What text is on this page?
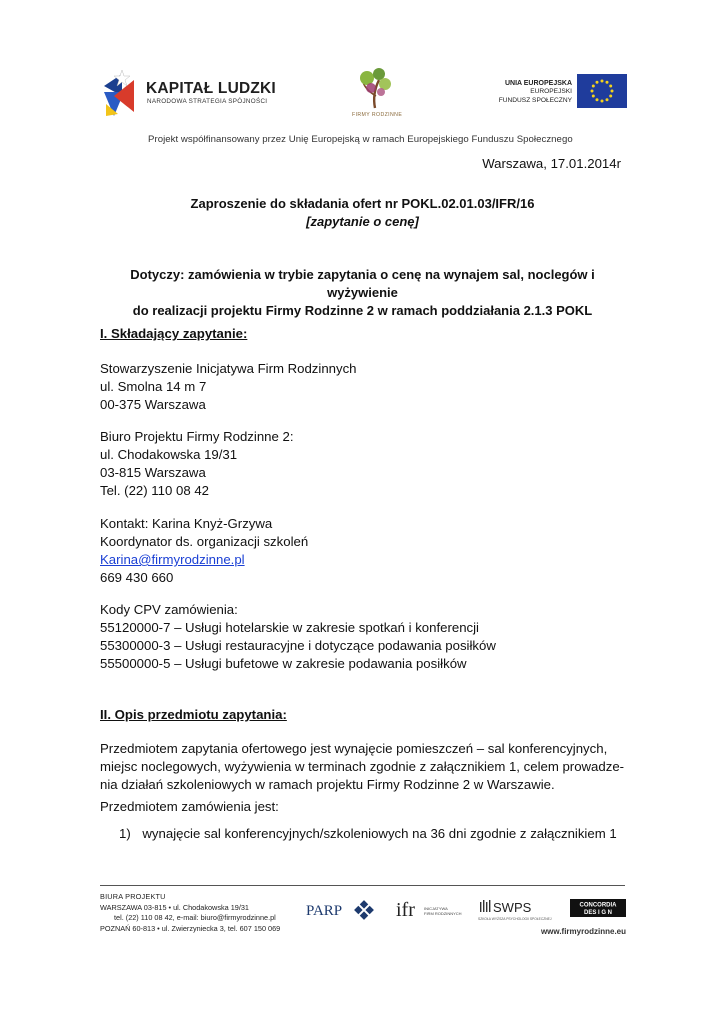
KAPITAŁ LUDZKI
NARODOWA STRATEGIA SPÓJNOŚCI
FIRMY RODZINNE
UNIA EUROPEJSKA
EUROPEJSKI
FUNDUSZ SPOŁECZNY
Projekt współfinansowany przez Unię Europejską w ramach Europejskiego Funduszu Społecznego
Warszawa, 17.01.2014r
Zaproszenie do składania ofert nr POKL.02.01.03/IFR/16
[zapytanie o cenę]
Dotyczy: zamówienia w trybie zapytania o cenę na wynajem sal, noclegów i wyżywienie
do realizacji projektu Firmy Rodzinne 2 w ramach poddziałania 2.1.3 POKL
I. Składający zapytanie:
Stowarzyszenie Inicjatywa Firm Rodzinnych
ul. Smolna 14 m 7
00-375 Warszawa
Biuro Projektu Firmy Rodzinne 2:
ul. Chodakowska 19/31
03-815 Warszawa
Tel. (22) 110 08 42
Kontakt: Karina Knyż-Grzywa
Koordynator ds. organizacji szkoleń
Karina@firmyrodzinne.pl
669 430 660
Kody CPV zamówienia:
55120000-7 – Usługi hotelarskie w zakresie spotkań i konferencji
55300000-3 – Usługi restauracyjne i dotyczące podawania posiłków
55500000-5 – Usługi bufetowe w zakresie podawania posiłków
II. Opis przedmiotu zapytania:
Przedmiotem zapytania ofertowego jest wynajęcie pomieszczeń – sal konferencyjnych,
miejsc noclegowych, wyżywienia w terminach zgodnie z załącznikiem 1, celem prowadze-
nia działań szkoleniowych w ramach projektu Firmy Rodzinne 2 w Warszawie.
Przedmiotem zamówienia jest:
1) wynajęcie sal konferencyjnych/szkoleniowych na 36 dni zgodnie z załącznikiem 1
BIURA PROJEKTU
WARSZAWA 03-815 • ul. Chodakowska 19/31
tel. (22) 110 08 42, e-mail: biuro@firmyrodzinne.pl
POZNAŃ 60-813 • ul. Zwierzyniecka 3, tel. 607 150 069
PARP	ifr INICJATYWA
FIRM RODZINNYCH SWPS
SZKOŁA WYŻSZA PSYCHOLOGII SPOŁECZNEJ
CONCORDIA
DES I G N
www.firmyrodzinne.eu
